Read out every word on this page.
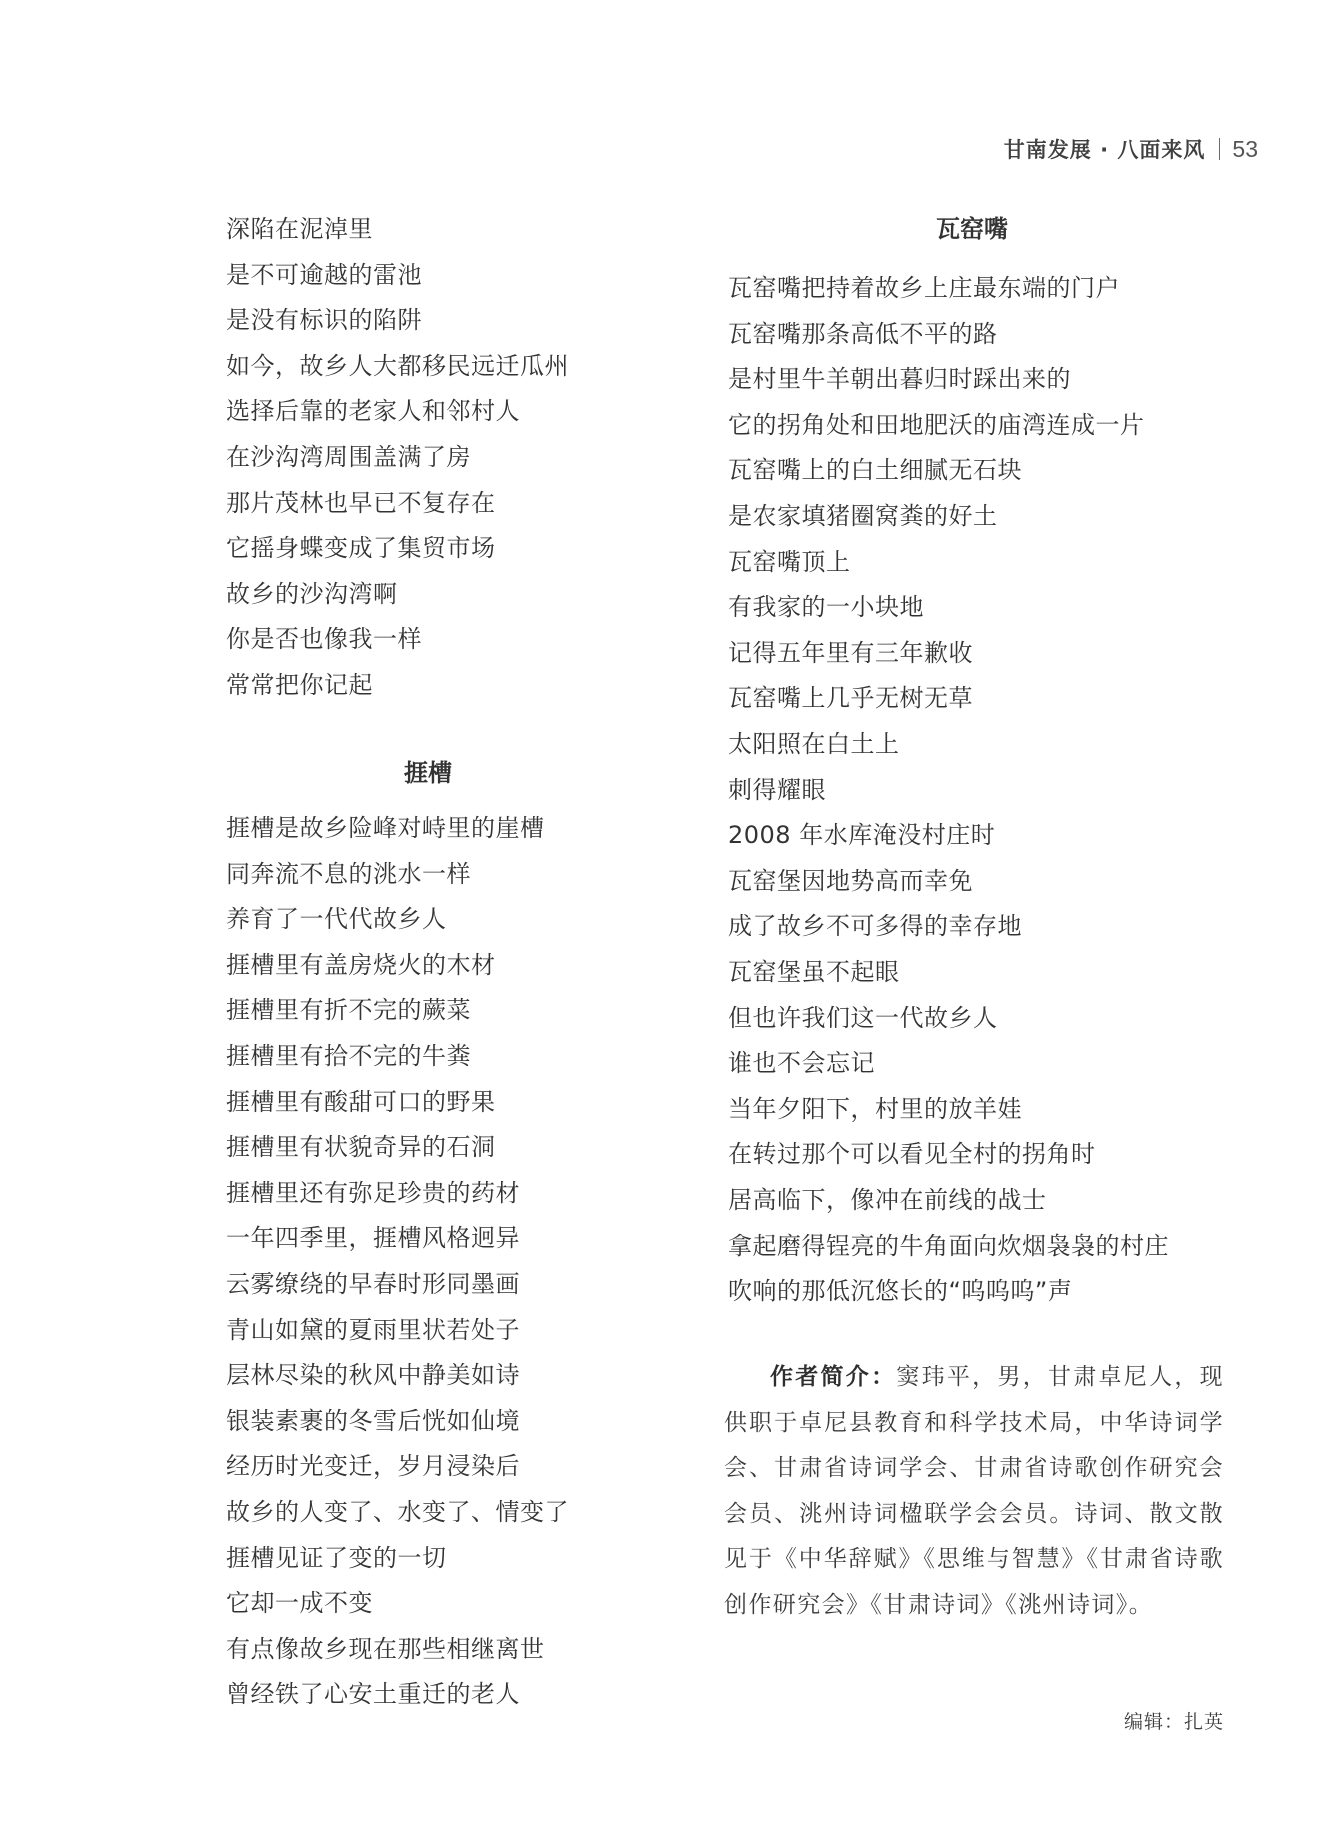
甘南发展 · 八面来风 53
深陷在泥淖里
是不可逾越的雷池
是没有标识的陷阱
如今，故乡人大都移民远迁瓜州
选择后靠的老家人和邻村人
在沙沟湾周围盖满了房
那片茂林也早已不复存在
它摇身蝶变成了集贸市场
故乡的沙沟湾啊
你是否也像我一样
常常把你记起
捱槽
捱槽是故乡险峰对峙里的崖槽
同奔流不息的洮水一样
养育了一代代故乡人
捱槽里有盖房烧火的木材
捱槽里有折不完的蕨菜
捱槽里有拾不完的牛粪
捱槽里有酸甜可口的野果
捱槽里有状貌奇异的石洞
捱槽里还有弥足珍贵的药材
一年四季里，捱槽风格迥异
云雾缭绕的早春时形同墨画
青山如黛的夏雨里状若处子
层林尽染的秋风中静美如诗
银装素裹的冬雪后恍如仙境
经历时光变迁，岁月浸染后
故乡的人变了、水变了、情变了
捱槽见证了变的一切
它却一成不变
有点像故乡现在那些相继离世
曾经铁了心安土重迁的老人
瓦窑嘴
瓦窑嘴把持着故乡上庄最东端的门户
瓦窑嘴那条高低不平的路
是村里牛羊朝出暮归时踩出来的
它的拐角处和田地肥沃的庙湾连成一片
瓦窑嘴上的白土细腻无石块
是农家填猪圈窝粪的好土
瓦窑嘴顶上
有我家的一小块地
记得五年里有三年歉收
瓦窑嘴上几乎无树无草
太阳照在白土上
刺得耀眼
2008 年水库淹没村庄时
瓦窑堡因地势高而幸免
成了故乡不可多得的幸存地
瓦窑堡虽不起眼
但也许我们这一代故乡人
谁也不会忘记
当年夕阳下，村里的放羊娃
在转过那个可以看见全村的拐角时
居高临下，像冲在前线的战士
拿起磨得锃亮的牛角面向炊烟袅袅的村庄
吹响的那低沉悠长的“呜呜呜”声
作者简介：窦玮平，男，甘肃卓尼人，现供职于卓尼县教育和科学技术局，中华诗词学会、甘肃省诗词学会、甘肃省诗歌创作研究会会员、洮州诗词楹联学会会员。诗词、散文散见于《中华辞赋》《思维与智慧》《甘肃省诗歌创作研究会》《甘肃诗词》《洮州诗词》。
编辑：扎英
